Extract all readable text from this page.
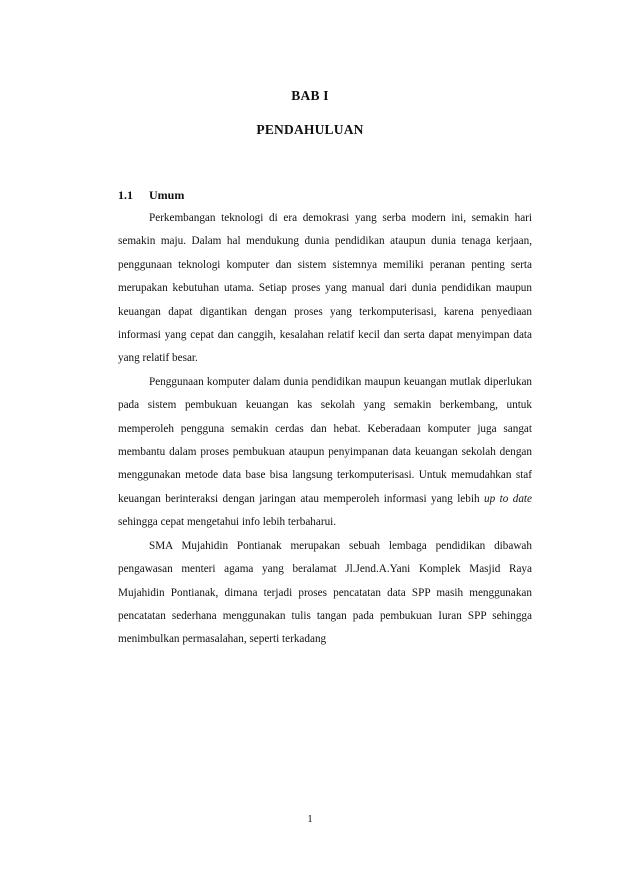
BAB I
PENDAHULUAN
1.1 Umum

Perkembangan teknologi di era demokrasi yang serba modern ini, semakin hari semakin maju. Dalam hal mendukung dunia pendidikan ataupun dunia tenaga kerjaan, penggunaan teknologi komputer dan sistem sistemnya memiliki peranan penting serta merupakan kebutuhan utama. Setiap proses yang manual dari dunia pendidikan maupun keuangan dapat digantikan dengan proses yang terkomputerisasi, karena penyediaan informasi yang cepat dan canggih, kesalahan relatif kecil dan serta dapat menyimpan data yang relatif besar.

Penggunaan komputer dalam dunia pendidikan maupun keuangan mutlak diperlukan pada sistem pembukuan keuangan kas sekolah yang semakin berkembang, untuk memperoleh pengguna semakin cerdas dan hebat. Keberadaan komputer juga sangat membantu dalam proses pembukuan ataupun penyimpanan data keuangan sekolah dengan menggunakan metode data base bisa langsung terkomputerisasi. Untuk memudahkan staf keuangan berinteraksi dengan jaringan atau memperoleh informasi yang lebih up to date sehingga cepat mengetahui info lebih terbaharui.

SMA Mujahidin Pontianak merupakan sebuah lembaga pendidikan dibawah pengawasan menteri agama yang beralamat Jl.Jend.A.Yani Komplek Masjid Raya Mujahidin Pontianak, dimana terjadi proses pencatatan data SPP masih menggunakan pencatatan sederhana menggunakan tulis tangan pada pembukuan Iuran SPP sehingga menimbulkan permasalahan, seperti terkadang

1
